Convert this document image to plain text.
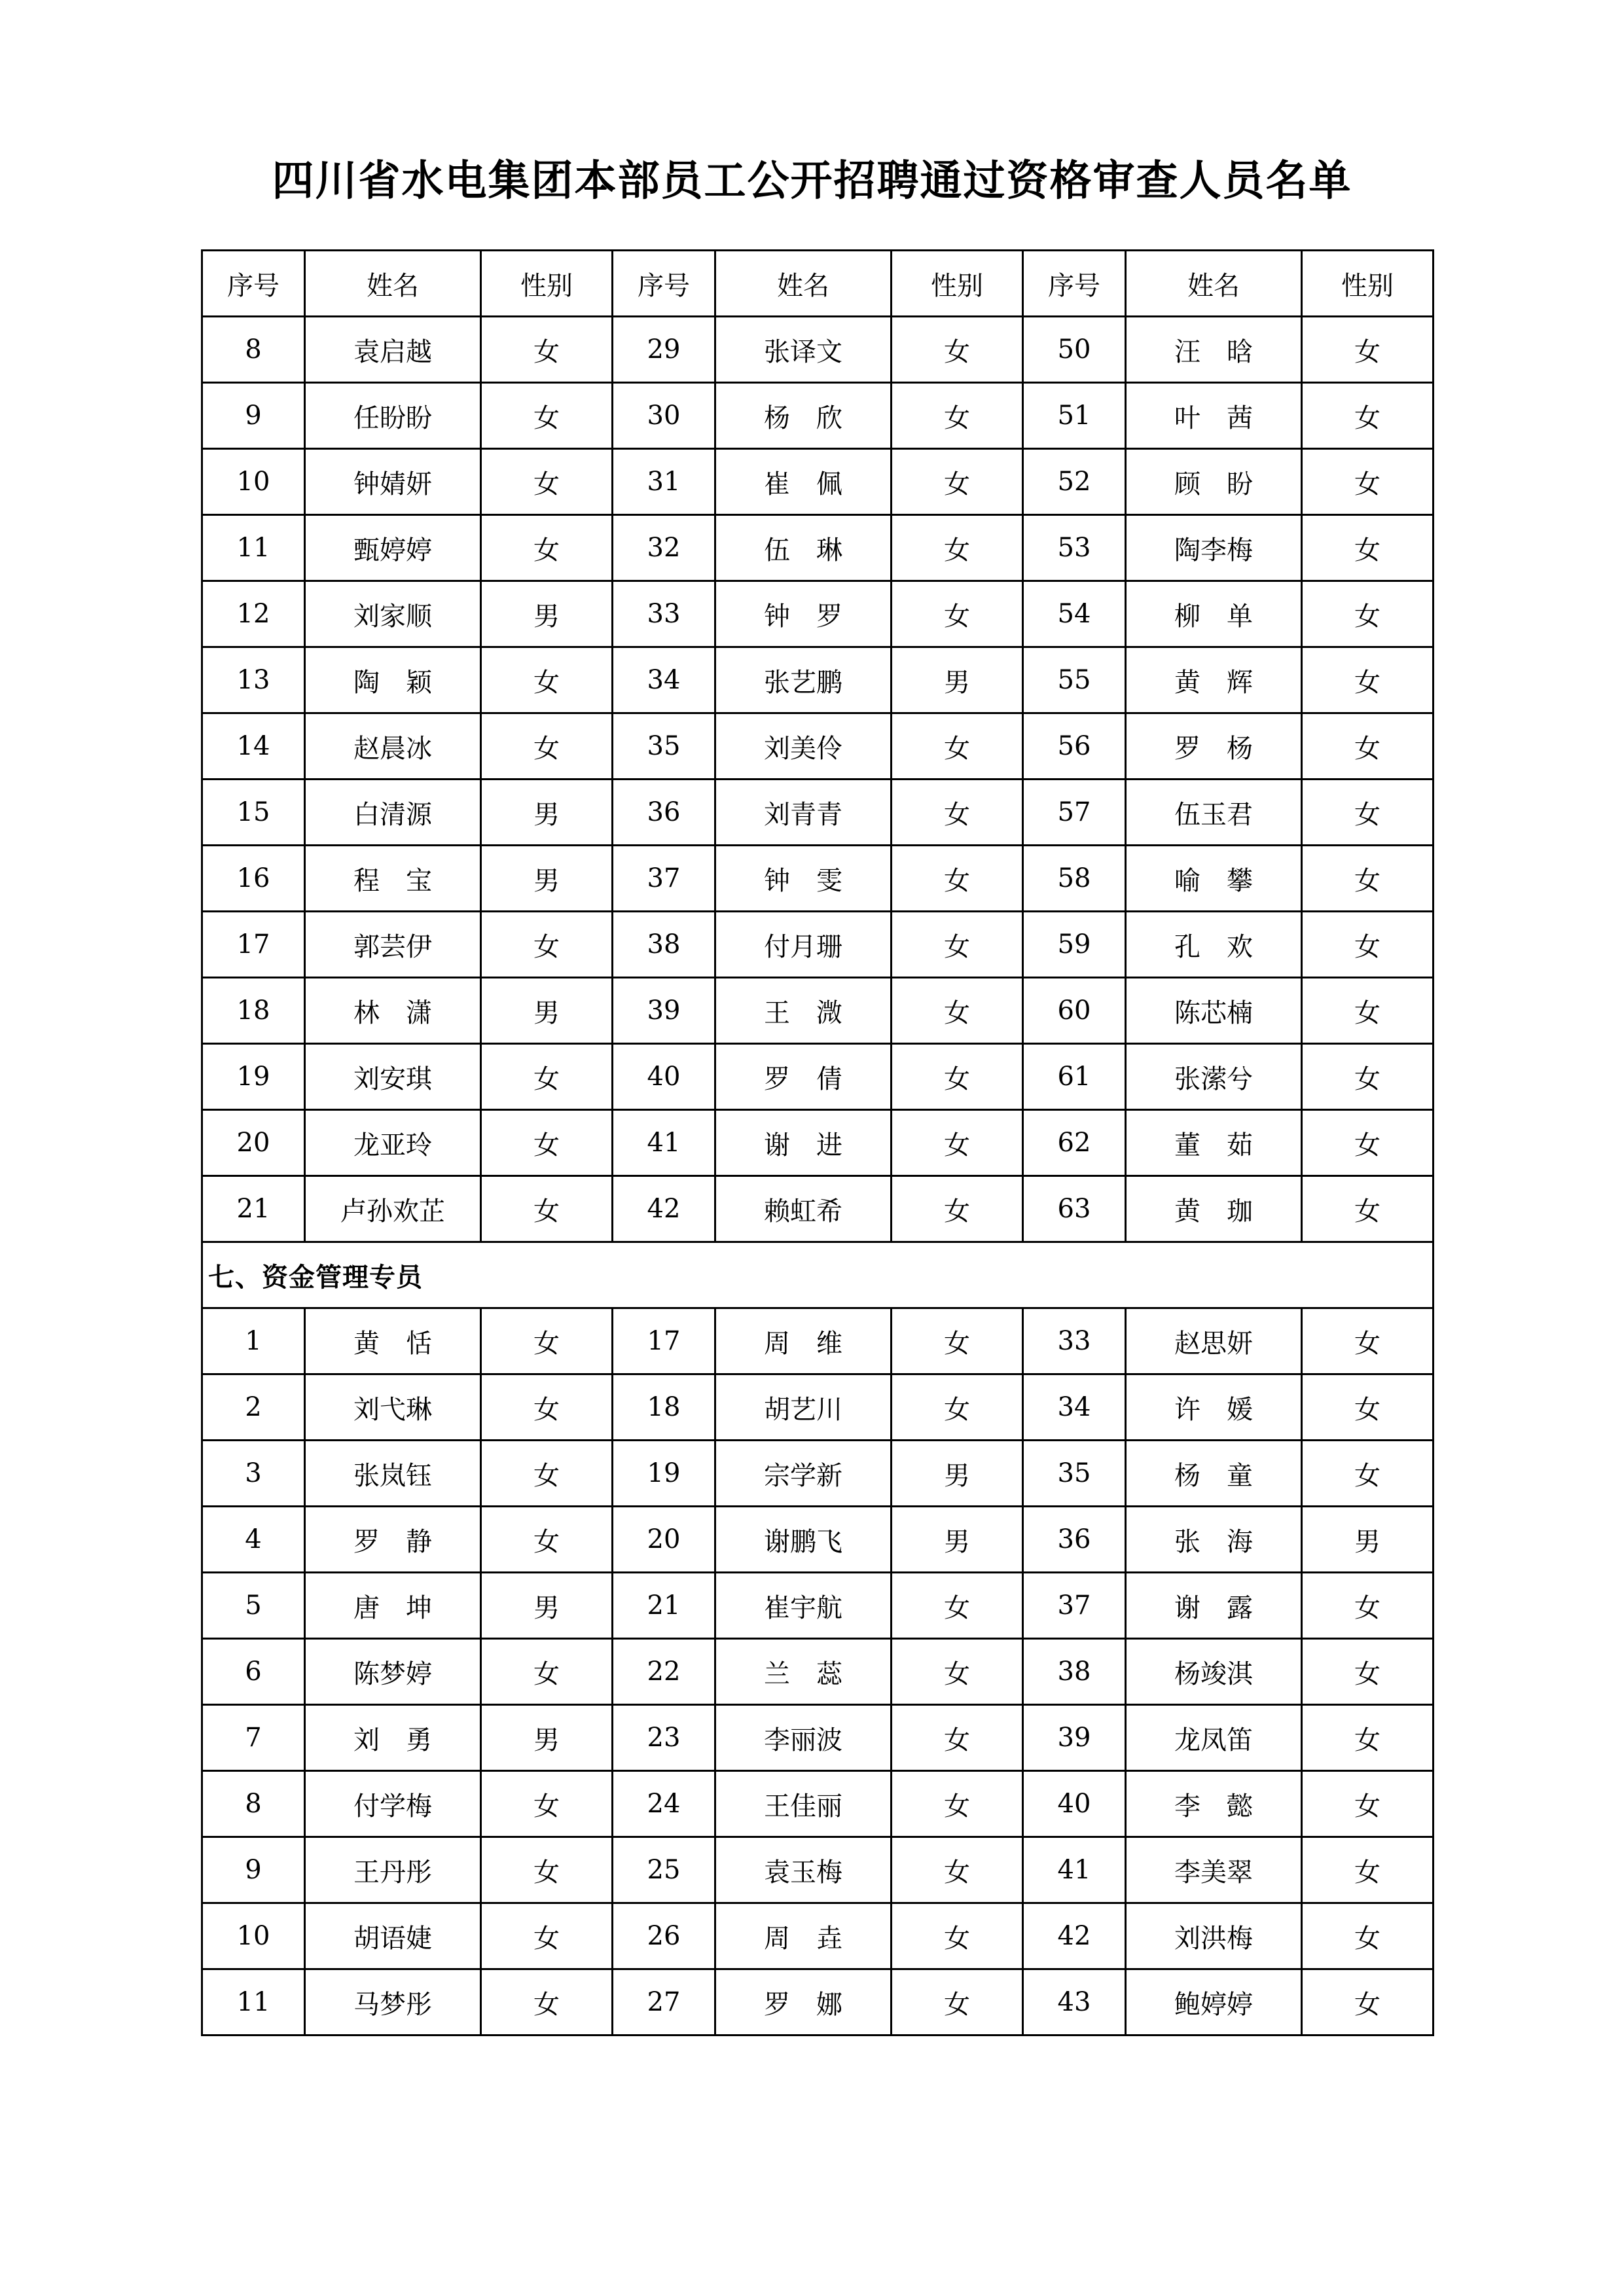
四川省水电集团本部员工公开招聘通过资格审查人员名单
序号	姓名	性别	序号	姓名	性别	序号	姓名	性别
8	袁启越	女	29	张译文	女	50	汪　晗	女
9	任盼盼	女	30	杨　欣	女	51	叶　茜	女
10	钟婧妍	女	31	崔　佩	女	52	顾　盼	女
11	甄婷婷	女	32	伍　琳	女	53	陶李梅	女
12	刘家顺	男	33	钟　罗	女	54	柳　单	女
13	陶　颖	女	34	张艺鹏	男	55	黄　辉	女
14	赵晨冰	女	35	刘美伶	女	56	罗　杨	女
15	白清源	男	36	刘青青	女	57	伍玉君	女
16	程　宝	男	37	钟　雯	女	58	喻　攀	女
17	郭芸伊	女	38	付月珊	女	59	孔　欢	女
18	林　潇	男	39	王　溦	女	60	陈芯楠	女
19	刘安琪	女	40	罗　倩	女	61	张潆兮	女
20	龙亚玲	女	41	谢　进	女	62	董　茹	女
21	卢孙欢芷	女	42	赖虹希	女	63	黄　珈	女
七、资金管理专员								
1	黄　恬	女	17	周　维	女	33	赵思妍	女
2	刘弋琳	女	18	胡艺川	女	34	许　媛	女
3	张岚钰	女	19	宗学新	男	35	杨　童	女
4	罗　静	女	20	谢鹏飞	男	36	张　海	男
5	唐　坤	男	21	崔宇航	女	37	谢　露	女
6	陈梦婷	女	22	兰　蕊	女	38	杨竣淇	女
7	刘　勇	男	23	李丽波	女	39	龙凤笛	女
8	付学梅	女	24	王佳丽	女	40	李　懿	女
9	王丹彤	女	25	袁玉梅	女	41	李美翠	女
10	胡语婕	女	26	周　垚	女	42	刘洪梅	女
11	马梦彤	女	27	罗　娜	女	43	鲍婷婷	女
